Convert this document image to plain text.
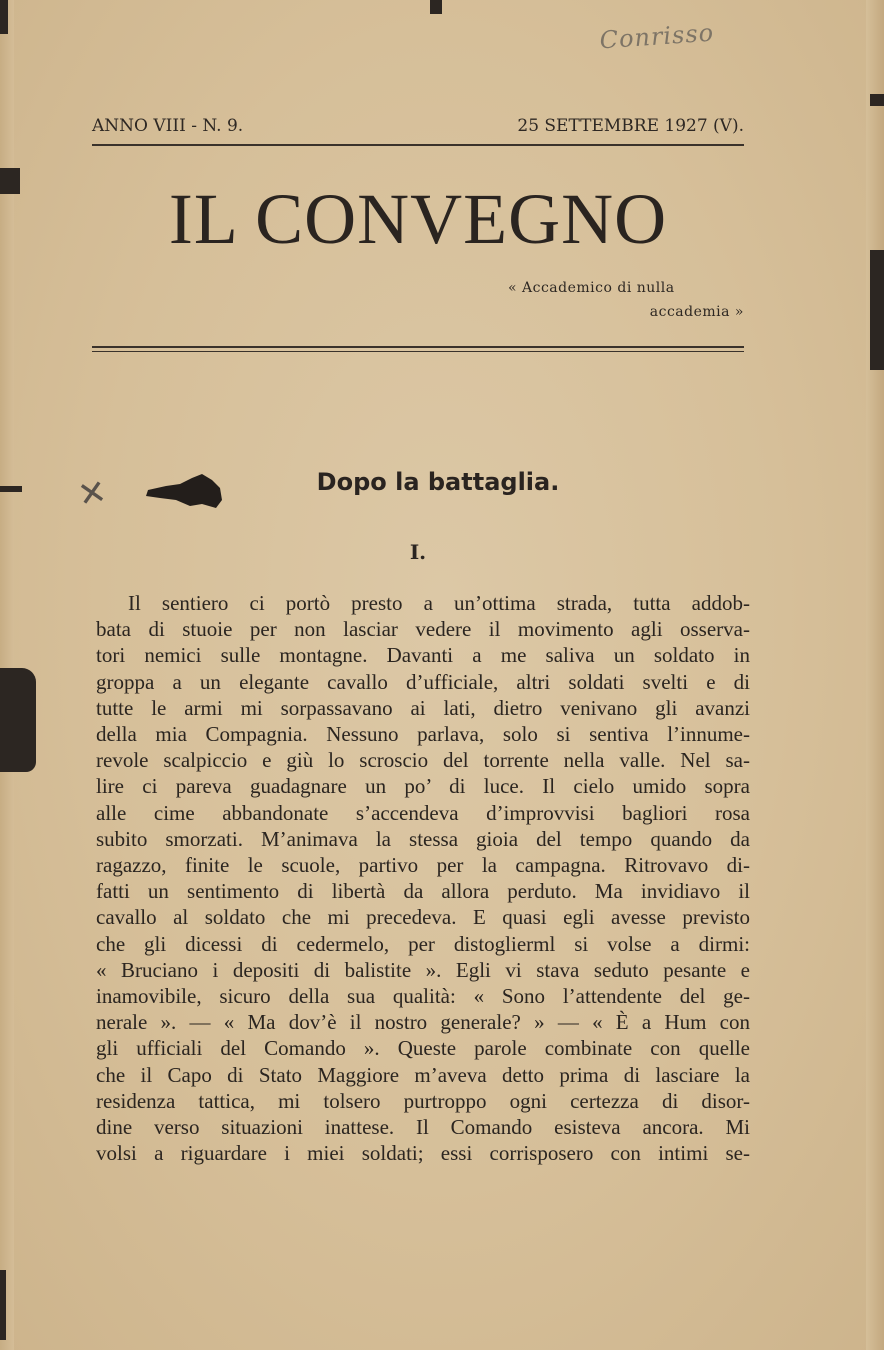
Conrisso
ANNO VIII - N. 9.	25 SETTEMBRE 1927 (V).
IL CONVEGNO
« Accademico di nulla
accademia »
✕	Dopo la battaglia.
I.
Il sentiero ci portò presto a un’ottima strada, tutta addob-
bata di stuoie per non lasciar vedere il movimento agli osserva-
tori nemici sulle montagne. Davanti a me saliva un soldato in
groppa a un elegante cavallo d’ufficiale, altri soldati svelti e di
tutte le armi mi sorpassavano ai lati, dietro venivano gli avanzi
della mia Compagnia. Nessuno parlava, solo si sentiva l’innume-
revole scalpiccio e giù lo scroscio del torrente nella valle. Nel sa-
lire ci pareva guadagnare un po’ di luce. Il cielo umido sopra
alle cime abbandonate s’accendeva d’improvvisi bagliori rosa
subito smorzati. M’animava la stessa gioia del tempo quando da
ragazzo, finite le scuole, partivo per la campagna. Ritrovavo di-
fatti un sentimento di libertà da allora perduto. Ma invidiavo il
cavallo al soldato che mi precedeva. E quasi egli avesse previsto
che gli dicessi di cedermelo, per distoglierml si volse a dirmi:
« Bruciano i depositi di balistite ». Egli vi stava seduto pesante e
inamovibile, sicuro della sua qualità: « Sono l’attendente del ge-
nerale ». — « Ma dov’è il nostro generale? » — « È a Hum con
gli ufficiali del Comando ». Queste parole combinate con quelle
che il Capo di Stato Maggiore m’aveva detto prima di lasciare la
residenza tattica, mi tolsero purtroppo ogni certezza di disor-
dine verso situazioni inattese. Il Comando esisteva ancora. Mi
volsi a riguardare i miei soldati; essi corrisposero con intimi se-
